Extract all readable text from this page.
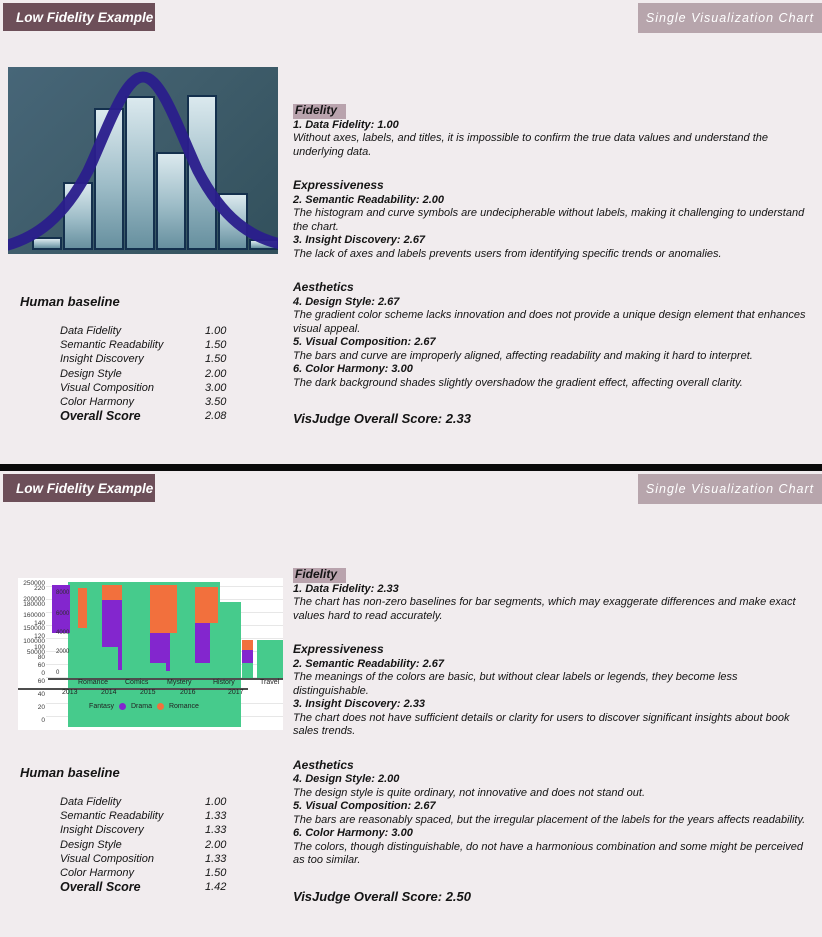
Low Fidelity Example	Single Visualization Chart
Human baseline
Data Fidelity	1.00
Semantic Readability	1.50
Insight Discovery	1.50
Design Style	2.00
Visual Composition	3.00
Color Harmony	3.50
Overall Score	2.08
Fidelity
1. Data Fidelity: 1.00
Without axes, labels, and titles, it is impossible to confirm the true data values and understand the underlying data.
Expressiveness
2. Semantic Readability: 2.00
The histogram and curve symbols are undecipherable without labels, making it challenging to understand the chart.
3. Insight Discovery: 2.67
The lack of axes and labels prevents users from identifying specific trends or anomalies.
Aesthetics
4. Design Style: 2.67
The gradient color scheme lacks innovation and does not provide a unique design element that enhances visual appeal.
5. Visual Composition: 2.67
The bars and curve are improperly aligned, affecting readability and making it hard to interpret.
6. Color Harmony: 3.00
The dark background shades slightly overshadow the gradient effect, affecting overall clarity.
VisJudge Overall Score: 2.33
Low Fidelity Example	Single Visualization Chart
250000
220
200000
180000
160000
140
150000
120
100000
100
50000
80
60
0
60
40
20
0
8000
6000
4000
2000
0
Romance Comics	Mystery	History	Travel
2013	2014	2015	2016	2017
Fantasy Drama Romance
Human baseline
Data Fidelity	1.00
Semantic Readability	1.33
Insight Discovery	1.33
Design Style	2.00
Visual Composition	1.33
Color Harmony	1.50
Overall Score	1.42
Fidelity
1. Data Fidelity: 2.33
The chart has non-zero baselines for bar segments, which may exaggerate differences and make exact values hard to read accurately.
Expressiveness
2. Semantic Readability: 2.67
The meanings of the colors are basic, but without clear labels or legends, they become less distinguishable.
3. Insight Discovery: 2.33
The chart does not have sufficient details or clarity for users to discover significant insights about book sales trends.
Aesthetics
4. Design Style: 2.00
The design style is quite ordinary, not innovative and does not stand out.
5. Visual Composition: 2.67
The bars are reasonably spaced, but the irregular placement of the labels for the years affects readability.
6. Color Harmony: 3.00
The colors, though distinguishable, do not have a harmonious combination and some might be perceived as too similar.
VisJudge Overall Score: 2.50
